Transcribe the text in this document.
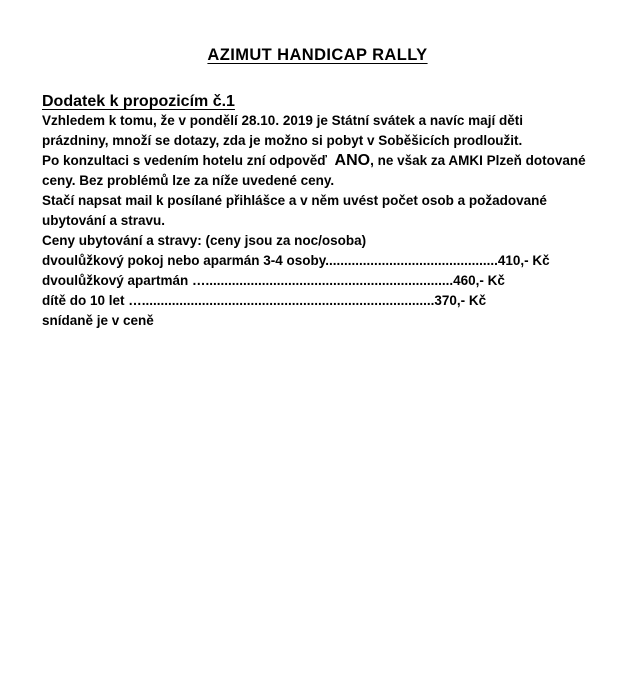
AZIMUT HANDICAP RALLY
Dodatek k propozicím č.1

Vzhledem k tomu, že v pondělí 28.10. 2019 je Státní svátek a navíc mají děti prázdniny, množí se dotazy, zda je možno si pobyt v Soběšicích prodloužit.

Po konzultaci s vedením hotelu zní odpověď ANO, ne však za AMKI Plzeň dotované ceny. Bez problémů lze za níže uvedené ceny.

Stačí napsat mail k posílané přihlášce a v něm uvést počet osob a požadované ubytování a stravu.

Ceny ubytování a stravy: (ceny jsou za noc/osoba)

dvoulůžkový pokoj nebo aparmán 3-4 osoby..............................................410,- Kč

dvoulůžkový apartmán …..................................................................460,- Kč

dítě do 10 let …..............................................................................370,- Kč

snídaně je v ceně
